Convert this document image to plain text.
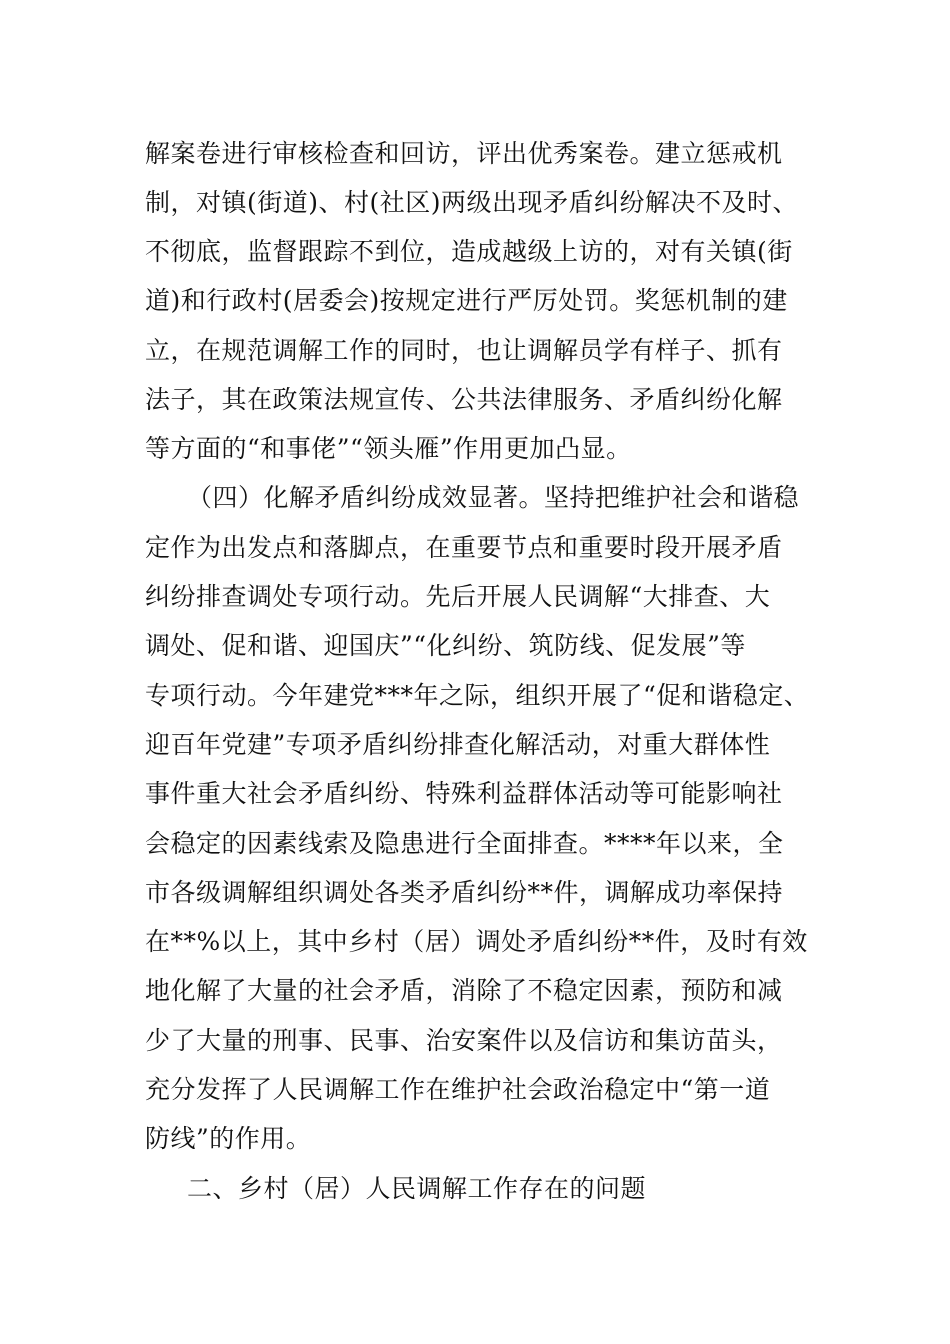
解案卷进行审核检查和回访，评出优秀案卷。建立惩戒机
制，对镇(街道)、村(社区)两级出现矛盾纠纷解决不及时、
不彻底，监督跟踪不到位，造成越级上访的，对有关镇(街
道)和行政村(居委会)按规定进行严厉处罚。奖惩机制的建
立，在规范调解工作的同时，也让调解员学有样子、抓有
法子，其在政策法规宣传、公共法律服务、矛盾纠纷化解
等方面的“和事佬”“领头雁”作用更加凸显。
（四）化解矛盾纠纷成效显著。坚持把维护社会和谐稳
定作为出发点和落脚点，在重要节点和重要时段开展矛盾
纠纷排查调处专项行动。先后开展人民调解“大排查、大
调处、促和谐、迎国庆”“化纠纷、筑防线、促发展”等
专项行动。今年建党***年之际，组织开展了“促和谐稳定、
迎百年党建”专项矛盾纠纷排查化解活动，对重大群体性
事件重大社会矛盾纠纷、特殊利益群体活动等可能影响社
会稳定的因素线索及隐患进行全面排查。****年以来，全
市各级调解组织调处各类矛盾纠纷**件，调解成功率保持
在**%以上，其中乡村（居）调处矛盾纠纷**件，及时有效
地化解了大量的社会矛盾，消除了不稳定因素，预防和减
少了大量的刑事、民事、治安案件以及信访和集访苗头，
充分发挥了人民调解工作在维护社会政治稳定中“第一道
防线”的作用。
二、乡村（居）人民调解工作存在的问题
